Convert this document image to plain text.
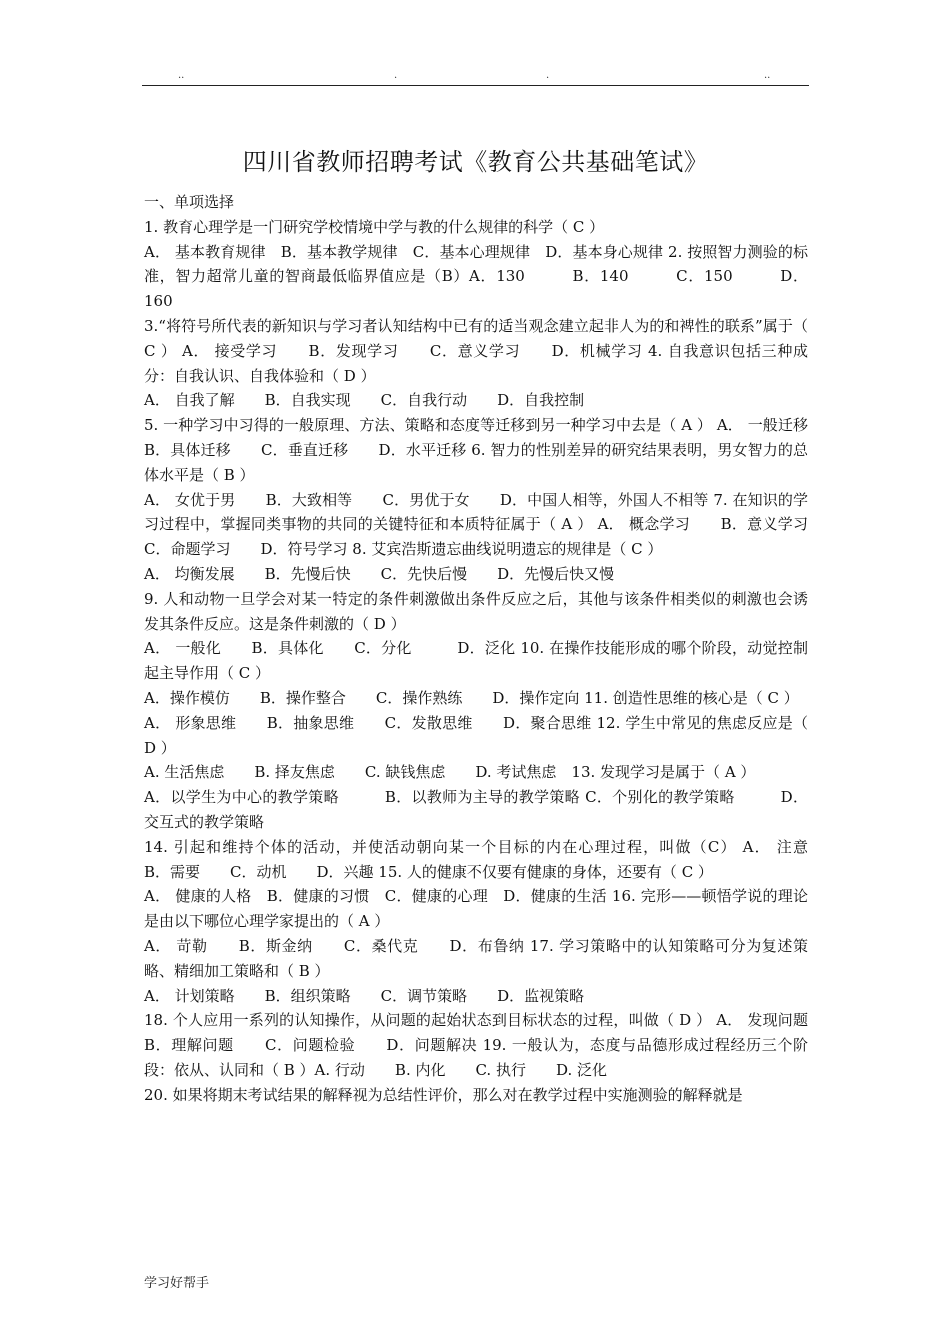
..	.	.	..
四川省教师招聘考试《教育公共基础笔试》

一、单项选择

1. 教育心理学是一门研究学校情境中学与教的什么规律的科学（ C ）

A． 基本教育规律　B．基本教学规律　C．基本心理规律　D．基本身心规律 2. 按照智力测验的标准，智力超常儿童的智商最低临界值应是（B）A．130　　　B．140　　　C．150　　　D．160

3.“将符号所代表的新知识与学习者认知结构中已有的适当观念建立起非人为的和裨性的联系”属于（ C ） A． 接受学习　　B．发现学习　　C．意义学习　　D．机械学习 4. 自我意识包括三种成分：自我认识、自我体验和（ D ）

A． 自我了解　　B．自我实现　　C．自我行动　　D．自我控制

5. 一种学习中习得的一般原理、方法、策略和态度等迁移到另一种学习中去是（ A ） A． 一般迁移　　B．具体迁移　　C．垂直迁移　　D．水平迁移 6. 智力的性别差异的研究结果表明，男女智力的总体水平是（ B ）

A． 女优于男　　B．大致相等　　C．男优于女　　D．中国人相等，外国人不相等 7. 在知识的学习过程中，掌握同类事物的共同的关键特征和本质特征属于（ A ） A． 概念学习　　B．意义学习　　C．命题学习　　D．符号学习 8. 艾宾浩斯遗忘曲线说明遗忘的规律是（ C ）

A． 均衡发展　　B．先慢后快　　C．先快后慢　　D．先慢后快又慢

9. 人和动物一旦学会对某一特定的条件刺激做出条件反应之后，其他与该条件相类似的刺激也会诱发其条件反应。这是条件刺激的（ D ）

A． 一般化　　B．具体化　　C．分化　　　D．泛化 10. 在操作技能形成的哪个阶段，动觉控制起主导作用（ C ）

A．操作模仿　　B．操作整合　　C．操作熟练　　D．操作定向 11. 创造性思维的核心是（ C ）

A． 形象思维　　B．抽象思维　　C．发散思维　　D．聚合思维 12. 学生中常见的焦虑反应是（ D ）

A. 生活焦虑　　B. 择友焦虑　　C. 缺钱焦虑　　D. 考试焦虑　13. 发现学习是属于（ A ）

A．以学生为中心的教学策略　　　B．以教师为主导的教学策略 C．个别化的教学策略　　　D．交互式的教学策略

14. 引起和维持个体的活动，并使活动朝向某一个目标的内在心理过程，叫做（C） A． 注意　　B．需要　　C．动机　　D．兴趣 15. 人的健康不仅要有健康的身体，还要有（ C ）

A． 健康的人格　B．健康的习惯　C．健康的心理　D．健康的生活 16. 完形——顿悟学说的理论是由以下哪位心理学家提出的（ A ）

A． 苛勒　　B．斯金纳　　C．桑代克　　D．布鲁纳 17. 学习策略中的认知策略可分为复述策略、精细加工策略和（ B ）

A． 计划策略　　B．组织策略　　C．调节策略　　D．监视策略

18. 个人应用一系列的认知操作，从问题的起始状态到目标状态的过程，叫做（ D ） A． 发现问题　　B．理解问题　　C．问题检验　　D．问题解决 19. 一般认为，态度与品德形成过程经历三个阶段：依从、认同和（ B ）A. 行动　　B. 内化　　C. 执行　　D. 泛化

20. 如果将期末考试结果的解释视为总结性评价，那么对在教学过程中实施测验的解释就是

学习好帮手
